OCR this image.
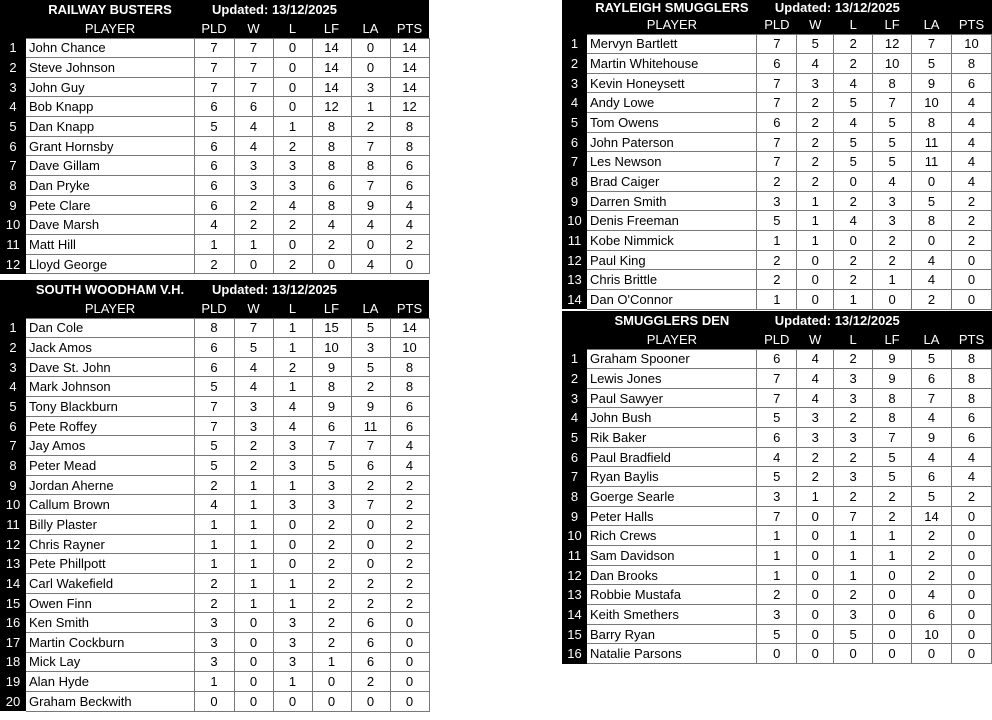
	RAILWAY BUSTERS	Updated: 13/12/2025					
	PLAYER	PLD	W	L	LF	LA	PTS
1	John Chance	7	7	0	14	0	14
2	Steve Johnson	7	7	0	14	0	14
3	John Guy	7	7	0	14	3	14
4	Bob Knapp	6	6	0	12	1	12
5	Dan Knapp	5	4	1	8	2	8
6	Grant Hornsby	6	4	2	8	7	8
7	Dave Gillam	6	3	3	8	8	6
8	Dan Pryke	6	3	3	6	7	6
9	Pete Clare	6	2	4	8	9	4
10	Dave Marsh	4	2	2	4	4	4
11	Matt Hill	1	1	0	2	0	2
12	Lloyd George	2	0	2	0	4	0
	SOUTH WOODHAM V.H.	Updated: 13/12/2025					
	PLAYER	PLD	W	L	LF	LA	PTS
1	Dan Cole	8	7	1	15	5	14
2	Jack Amos	6	5	1	10	3	10
3	Dave St. John	6	4	2	9	5	8
4	Mark Johnson	5	4	1	8	2	8
5	Tony Blackburn	7	3	4	9	9	6
6	Pete Roffey	7	3	4	6	11	6
7	Jay Amos	5	2	3	7	7	4
8	Peter Mead	5	2	3	5	6	4
9	Jordan Aherne	2	1	1	3	2	2
10	Callum Brown	4	1	3	3	7	2
11	Billy Plaster	1	1	0	2	0	2
12	Chris Rayner	1	1	0	2	0	2
13	Pete Phillpott	1	1	0	2	0	2
14	Carl Wakefield	2	1	1	2	2	2
15	Owen Finn	2	1	1	2	2	2
16	Ken Smith	3	0	3	2	6	0
17	Martin Cockburn	3	0	3	2	6	0
18	Mick Lay	3	0	3	1	6	0
19	Alan Hyde	1	0	1	0	2	0
20	Graham Beckwith	0	0	0	0	0	0
	RAYLEIGH SMUGGLERS	Updated: 13/12/2025					
	PLAYER	PLD	W	L	LF	LA	PTS
1	Mervyn Bartlett	7	5	2	12	7	10
2	Martin Whitehouse	6	4	2	10	5	8
3	Kevin Honeysett	7	3	4	8	9	6
4	Andy Lowe	7	2	5	7	10	4
5	Tom Owens	6	2	4	5	8	4
6	John Paterson	7	2	5	5	11	4
7	Les Newson	7	2	5	5	11	4
8	Brad Caiger	2	2	0	4	0	4
9	Darren Smith	3	1	2	3	5	2
10	Denis Freeman	5	1	4	3	8	2
11	Kobe Nimmick	1	1	0	2	0	2
12	Paul King	2	0	2	2	4	0
13	Chris Brittle	2	0	2	1	4	0
14	Dan O'Connor	1	0	1	0	2	0
	SMUGGLERS DEN	Updated: 13/12/2025					
	PLAYER	PLD	W	L	LF	LA	PTS
1	Graham Spooner	6	4	2	9	5	8
2	Lewis Jones	7	4	3	9	6	8
3	Paul Sawyer	7	4	3	8	7	8
4	John Bush	5	3	2	8	4	6
5	Rik Baker	6	3	3	7	9	6
6	Paul Bradfield	4	2	2	5	4	4
7	Ryan Baylis	5	2	3	5	6	4
8	Goerge Searle	3	1	2	2	5	2
9	Peter Halls	7	0	7	2	14	0
10	Rich Crews	1	0	1	1	2	0
11	Sam Davidson	1	0	1	1	2	0
12	Dan Brooks	1	0	1	0	2	0
13	Robbie Mustafa	2	0	2	0	4	0
14	Keith Smethers	3	0	3	0	6	0
15	Barry Ryan	5	0	5	0	10	0
16	Natalie Parsons	0	0	0	0	0	0
